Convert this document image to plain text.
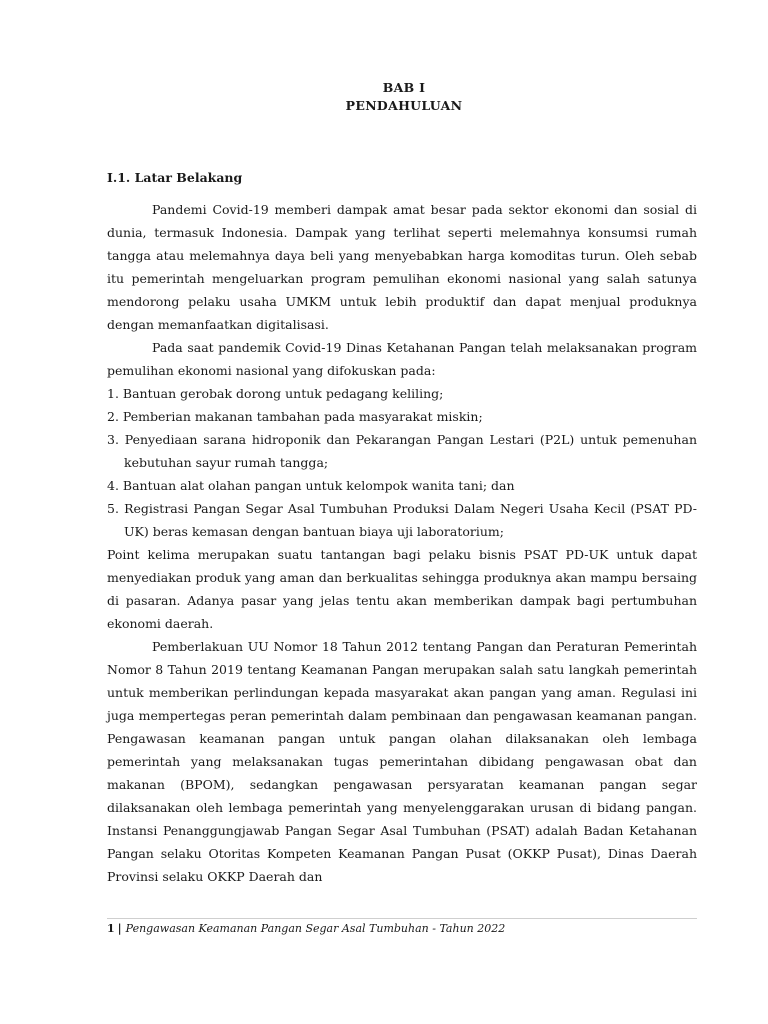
BAB I
PENDAHULUAN
I.1. Latar Belakang

Pandemi Covid-19 memberi dampak amat besar pada sektor ekonomi dan sosial di dunia, termasuk Indonesia. Dampak yang terlihat seperti melemahnya konsumsi rumah tangga atau melemahnya daya beli yang menyebabkan harga komoditas turun. Oleh sebab itu pemerintah mengeluarkan program pemulihan ekonomi nasional yang salah satunya mendorong pelaku usaha UMKM untuk lebih produktif dan dapat menjual produknya dengan memanfaatkan digitalisasi.

Pada saat pandemik Covid-19 Dinas Ketahanan Pangan telah melaksanakan program pemulihan ekonomi nasional yang difokuskan pada:

1. Bantuan gerobak dorong untuk pedagang keliling;
2. Pemberian makanan tambahan pada masyarakat miskin;
3. Penyediaan sarana hidroponik dan Pekarangan Pangan Lestari (P2L) untuk pemenuhan kebutuhan sayur rumah tangga;
4. Bantuan alat olahan pangan untuk kelompok wanita tani; dan
5. Registrasi Pangan Segar Asal Tumbuhan Produksi Dalam Negeri Usaha Kecil (PSAT PD-UK) beras kemasan dengan bantuan biaya uji laboratorium;

Point kelima merupakan suatu tantangan bagi pelaku bisnis PSAT PD-UK untuk dapat menyediakan produk yang aman dan berkualitas sehingga produknya akan mampu bersaing di pasaran. Adanya pasar yang jelas tentu akan memberikan dampak bagi pertumbuhan ekonomi daerah.

Pemberlakuan UU Nomor 18 Tahun 2012 tentang Pangan dan Peraturan Pemerintah Nomor 8 Tahun 2019 tentang Keamanan Pangan merupakan salah satu langkah pemerintah untuk memberikan perlindungan kepada masyarakat akan pangan yang aman. Regulasi ini juga mempertegas peran pemerintah dalam pembinaan dan pengawasan keamanan pangan. Pengawasan keamanan pangan untuk pangan olahan dilaksanakan oleh lembaga pemerintah yang melaksanakan tugas pemerintahan dibidang pengawasan obat dan makanan (BPOM), sedangkan pengawasan persyaratan keamanan pangan segar dilaksanakan oleh lembaga pemerintah yang menyelenggarakan urusan di bidang pangan. Instansi Penanggungjawab Pangan Segar Asal Tumbuhan (PSAT) adalah Badan Ketahanan Pangan selaku Otoritas Kompeten Keamanan Pangan Pusat (OKKP Pusat), Dinas Daerah Provinsi selaku OKKP Daerah dan

1 | Pengawasan Keamanan Pangan Segar Asal Tumbuhan - Tahun 2022
